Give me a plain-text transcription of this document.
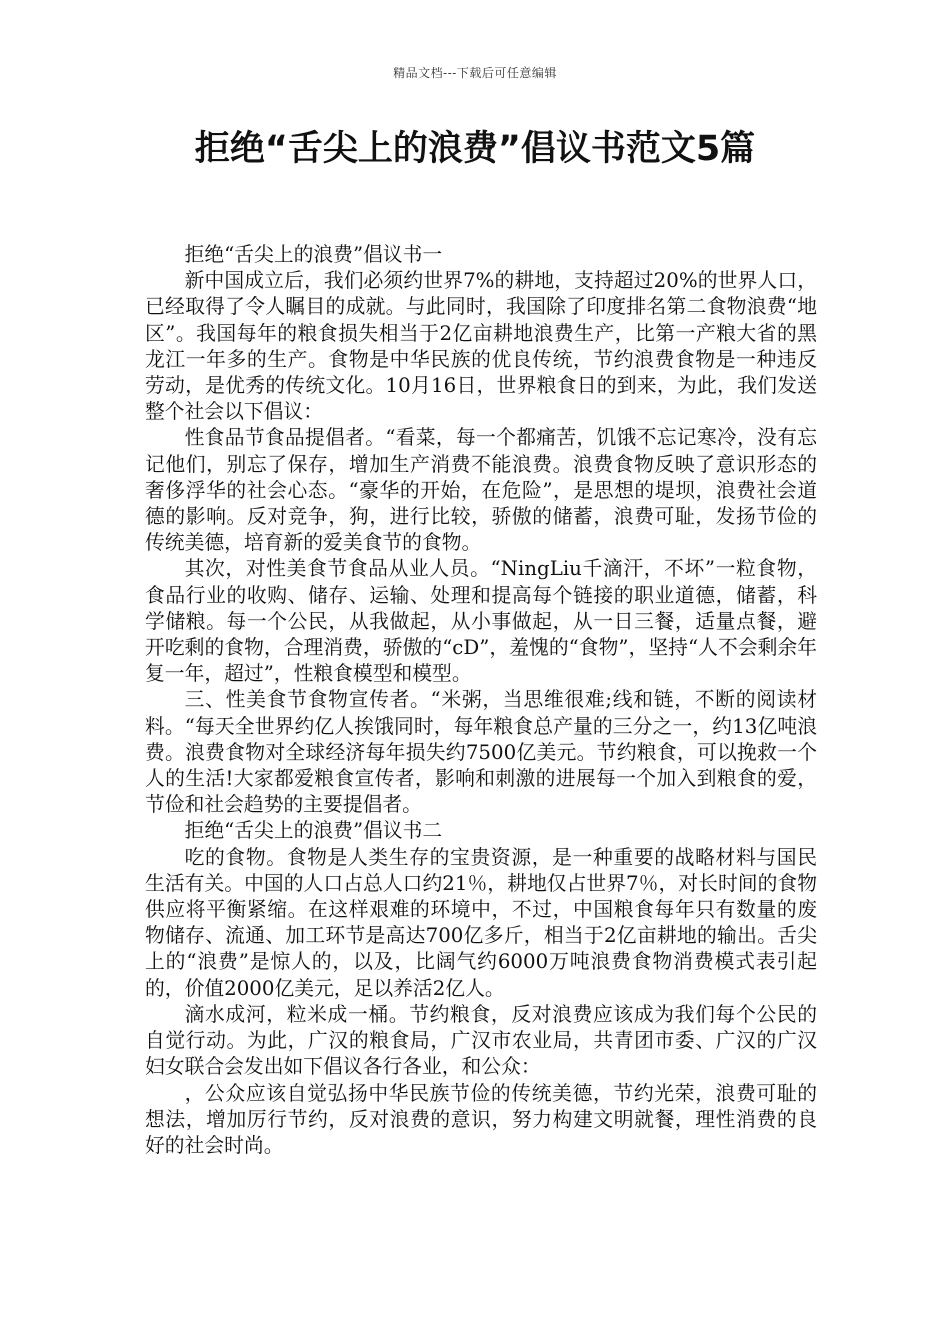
精品文档---下载后可任意编辑
拒绝“舌尖上的浪费”倡议书范文5篇

拒绝“舌尖上的浪费”倡议书一

新中国成立后，我们必须约世界7%的耕地，支持超过20%的世界人口，已经取得了令人瞩目的成就。与此同时，我国除了印度排名第二食物浪费“地区”。我国每年的粮食损失相当于2亿亩耕地浪费生产，比第一产粮大省的黑龙江一年多的生产。食物是中华民族的优良传统，节约浪费食物是一种违反劳动，是优秀的传统文化。10月16日，世界粮食日的到来，为此，我们发送整个社会以下倡议：

性食品节食品提倡者。“看菜，每一个都痛苦，饥饿不忘记寒冷，没有忘记他们，别忘了保存，增加生产消费不能浪费。浪费食物反映了意识形态的奢侈浮华的社会心态。“豪华的开始，在危险”，是思想的堤坝，浪费社会道德的影响。反对竞争，狗，进行比较，骄傲的储蓄，浪费可耻，发扬节俭的传统美德，培育新的爱美食节的食物。

其次，对性美食节食品从业人员。“NingLiu千滴汗，不坏”一粒食物，食品行业的收购、储存、运输、处理和提高每个链接的职业道德，储蓄，科学储粮。每一个公民，从我做起，从小事做起，从一日三餐，适量点餐，避开吃剩的食物，合理消费，骄傲的“cD”，羞愧的“食物”，坚持“人不会剩余年复一年，超过”，性粮食模型和模型。

三、性美食节食物宣传者。“米粥，当思维很难;线和链，不断的阅读材料。“每天全世界约亿人挨饿同时，每年粮食总产量的三分之一，约13亿吨浪费。浪费食物对全球经济每年损失约7500亿美元。节约粮食，可以挽救一个人的生活!大家都爱粮食宣传者，影响和刺激的进展每一个加入到粮食的爱，节俭和社会趋势的主要提倡者。

拒绝“舌尖上的浪费”倡议书二

吃的食物。食物是人类生存的宝贵资源，是一种重要的战略材料与国民生活有关。中国的人口占总人口约21％，耕地仅占世界7％，对长时间的食物供应将平衡紧缩。在这样艰难的环境中，不过，中国粮食每年只有数量的废物储存、流通、加工环节是高达700亿多斤，相当于2亿亩耕地的输出。舌尖上的“浪费”是惊人的，以及，比阔气约6000万吨浪费食物消费模式表引起的，价值2000亿美元，足以养活2亿人。

滴水成河，粒米成一桶。节约粮食，反对浪费应该成为我们每个公民的自觉行动。为此，广汉的粮食局，广汉市农业局，共青团市委、广汉的广汉妇女联合会发出如下倡议各行各业，和公众：

，公众应该自觉弘扬中华民族节俭的传统美德，节约光荣，浪费可耻的想法，增加厉行节约，反对浪费的意识，努力构建文明就餐，理性消费的良好的社会时尚。
